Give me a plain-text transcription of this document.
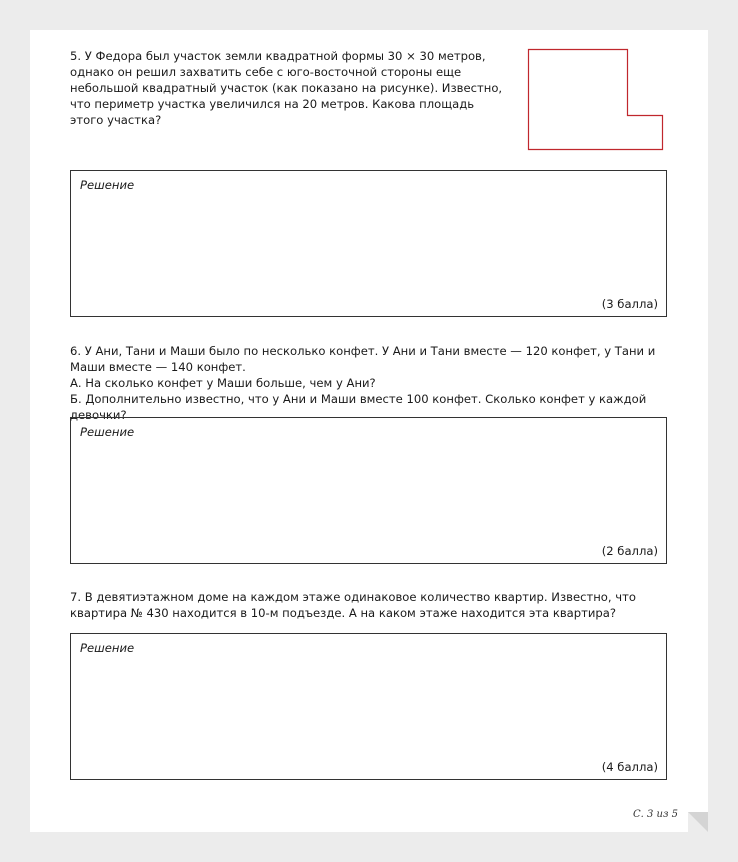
5. У Федора был участок земли квадратной формы 30 × 30 метров, однако он решил захватить себе с юго-восточной стороны еще небольшой квадратный участок (как показано на рисунке). Известно, что периметр участка увеличился на 20 метров. Какова площадь этого участка?

Решение
(3 балла)

6. У Ани, Тани и Маши было по несколько конфет. У Ани и Тани вместе — 120 конфет, у Тани и Маши вместе — 140 конфет.

А. На сколько конфет у Маши больше, чем у Ани?

Б. Дополнительно известно, что у Ани и Маши вместе 100 конфет. Сколько конфет у каждой девочки?

Решение
(2 балла)

7. В девятиэтажном доме на каждом этаже одинаковое количество квартир. Известно, что квартира № 430 находится в 10-м подъезде. А на каком этаже находится эта квартира?

Решение
(4 балла)
С. 3 из 5
